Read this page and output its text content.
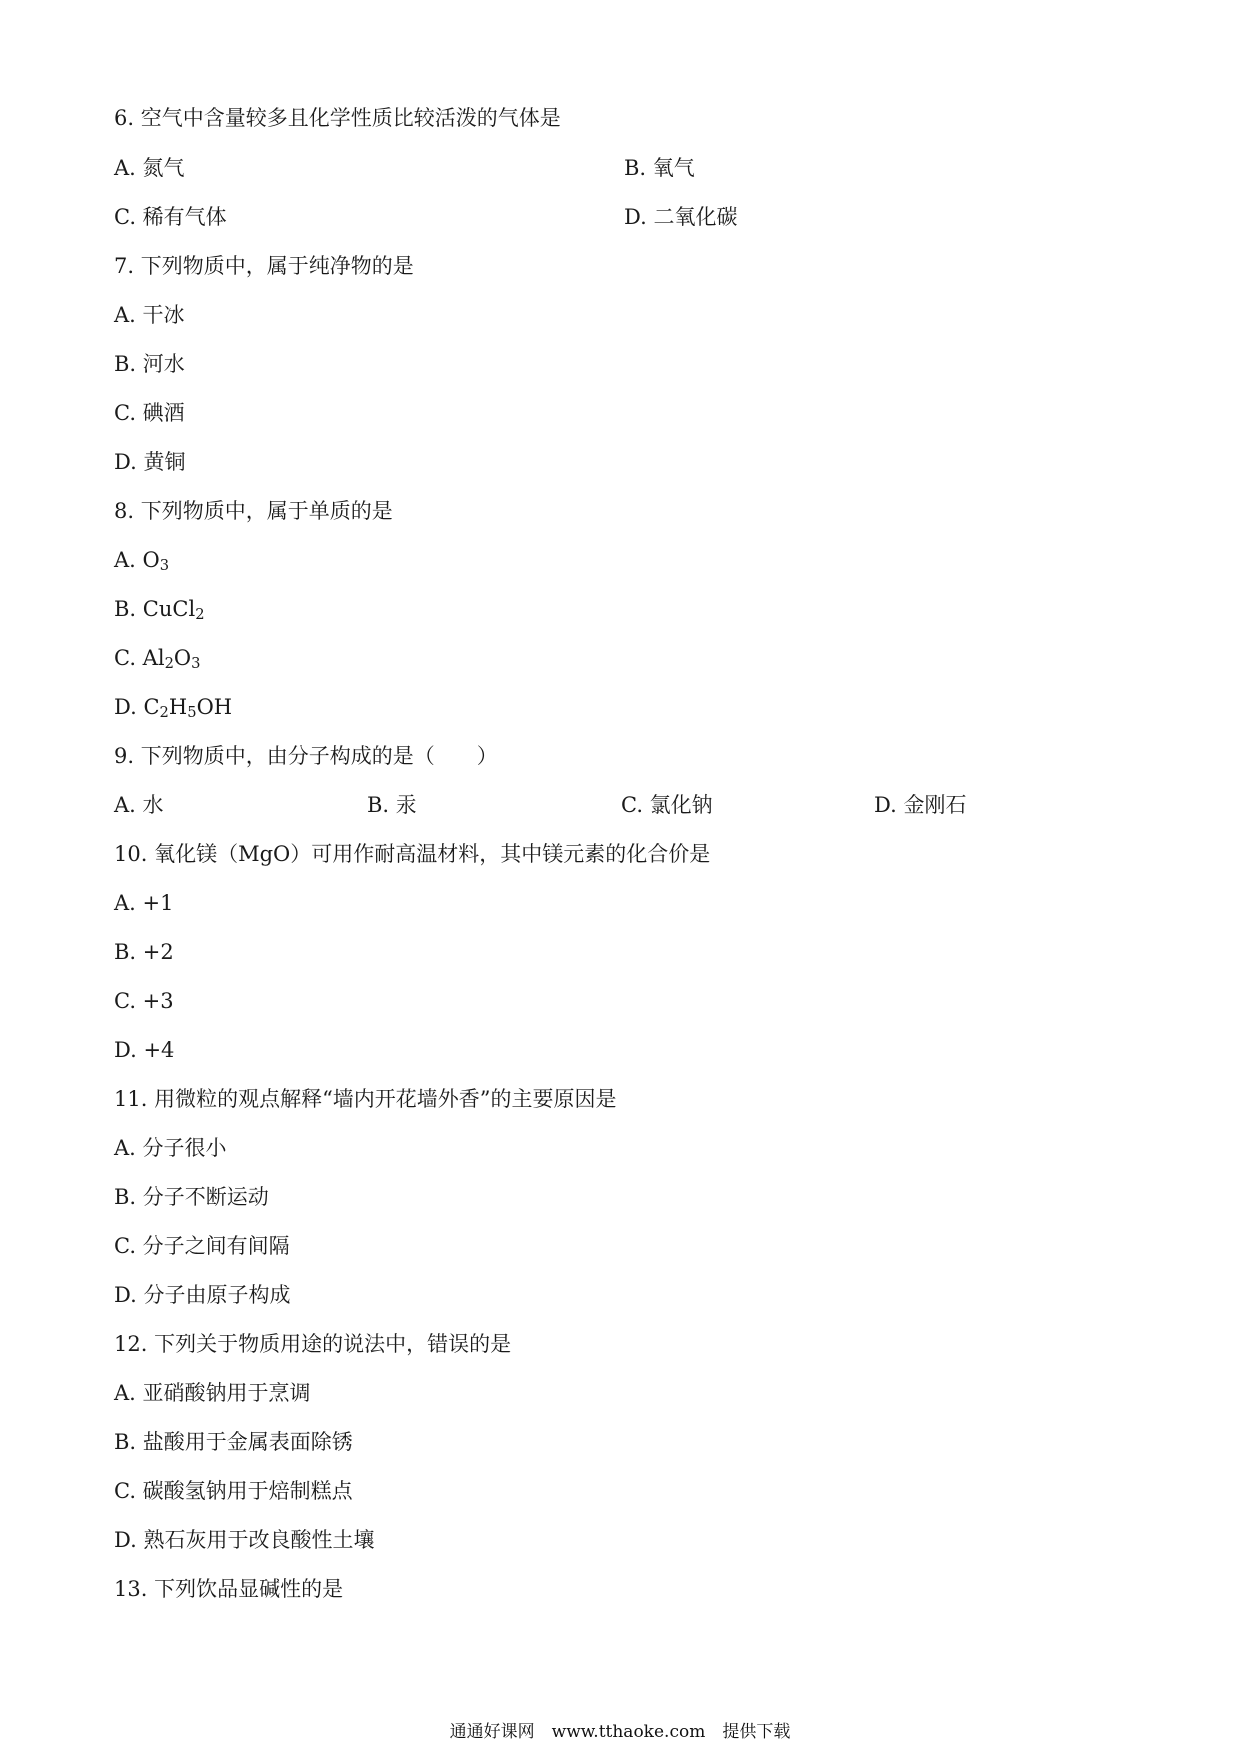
6. 空气中含量较多且化学性质比较活泼的气体是
A. 氮气	B. 氧气
C. 稀有气体	D. 二氧化碳
7. 下列物质中，属于纯净物的是
A. 干冰
B. 河水
C. 碘酒
D. 黄铜
8. 下列物质中，属于单质的是
A. $O_3$
B. CuCl$_2$
C. $Al_2O_3$
D. $C_2H_5OH$
9. 下列物质中，由分子构成的是（　　）
A. 水	B. 汞	C. 氯化钠	D. 金刚石
10. 氧化镁（MgO）可用作耐高温材料，其中镁元素的化合价是
A. +1
B. +2
C. +3
D. +4
11. 用微粒的观点解释“墙内开花墙外香”的主要原因是
A. 分子很小
B. 分子不断运动
C. 分子之间有间隔
D. 分子由原子构成
12. 下列关于物质用途的说法中，错误的是
A. 亚硝酸钠用于烹调
B. 盐酸用于金属表面除锈
C. 碳酸氢钠用于焙制糕点
D. 熟石灰用于改良酸性土壤
13. 下列饮品显碱性的是
通通好课网　www.tthaoke.com　提供下载
